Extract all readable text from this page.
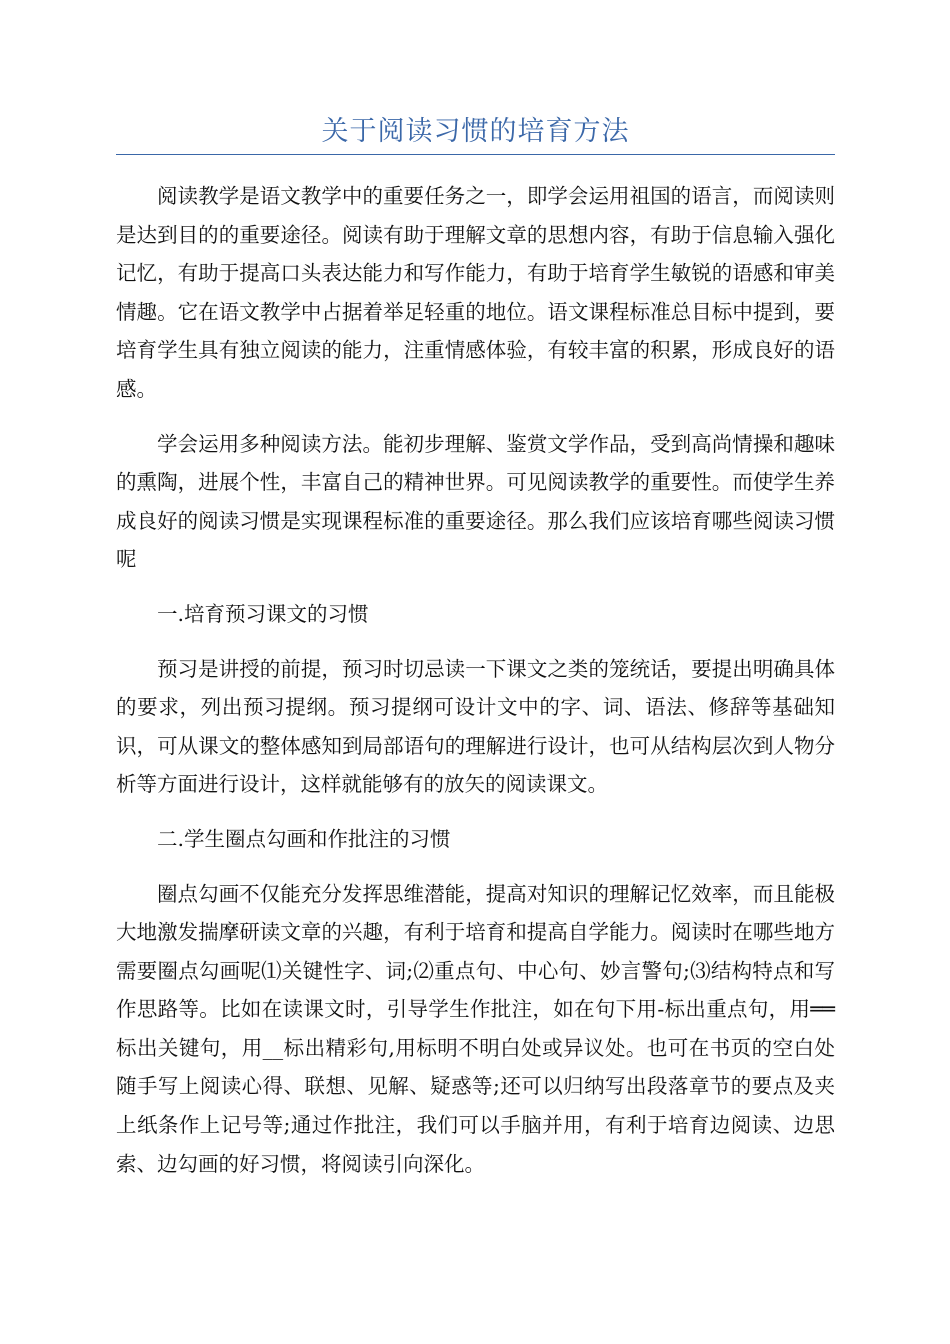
关于阅读习惯的培育方法

阅读教学是语文教学中的重要任务之一，即学会运用祖国的语言，而阅读则是达到目的的重要途径。阅读有助于理解文章的思想内容，有助于信息输入强化记忆，有助于提高口头表达能力和写作能力，有助于培育学生敏锐的语感和审美情趣。它在语文教学中占据着举足轻重的地位。语文课程标准总目标中提到，要培育学生具有独立阅读的能力，注重情感体验，有较丰富的积累，形成良好的语感。

学会运用多种阅读方法。能初步理解、鉴赏文学作品，受到高尚情操和趣味的熏陶，进展个性，丰富自己的精神世界。可见阅读教学的重要性。而使学生养成良好的阅读习惯是实现课程标准的重要途径。那么我们应该培育哪些阅读习惯呢

一.培育预习课文的习惯

预习是讲授的前提，预习时切忌读一下课文之类的笼统话，要提出明确具体的要求，列出预习提纲。预习提纲可设计文中的字、词、语法、修辞等基础知识，可从课文的整体感知到局部语句的理解进行设计，也可从结构层次到人物分析等方面进行设计，这样就能够有的放矢的阅读课文。

二.学生圈点勾画和作批注的习惯

圈点勾画不仅能充分发挥思维潜能，提高对知识的理解记忆效率，而且能极大地激发揣摩研读文章的兴趣，有利于培育和提高自学能力。阅读时在哪些地方需要圈点勾画呢⑴关键性字、词;⑵重点句、中心句、妙言警句;⑶结构特点和写作思路等。比如在读课文时，引导学生作批注，如在句下用-标出重点句，用══标出关键句，用__标出精彩句,用标明不明白处或异议处。也可在书页的空白处随手写上阅读心得、联想、见解、疑惑等;还可以归纳写出段落章节的要点及夹上纸条作上记号等;通过作批注，我们可以手脑并用，有利于培育边阅读、边思索、边勾画的好习惯，将阅读引向深化。
